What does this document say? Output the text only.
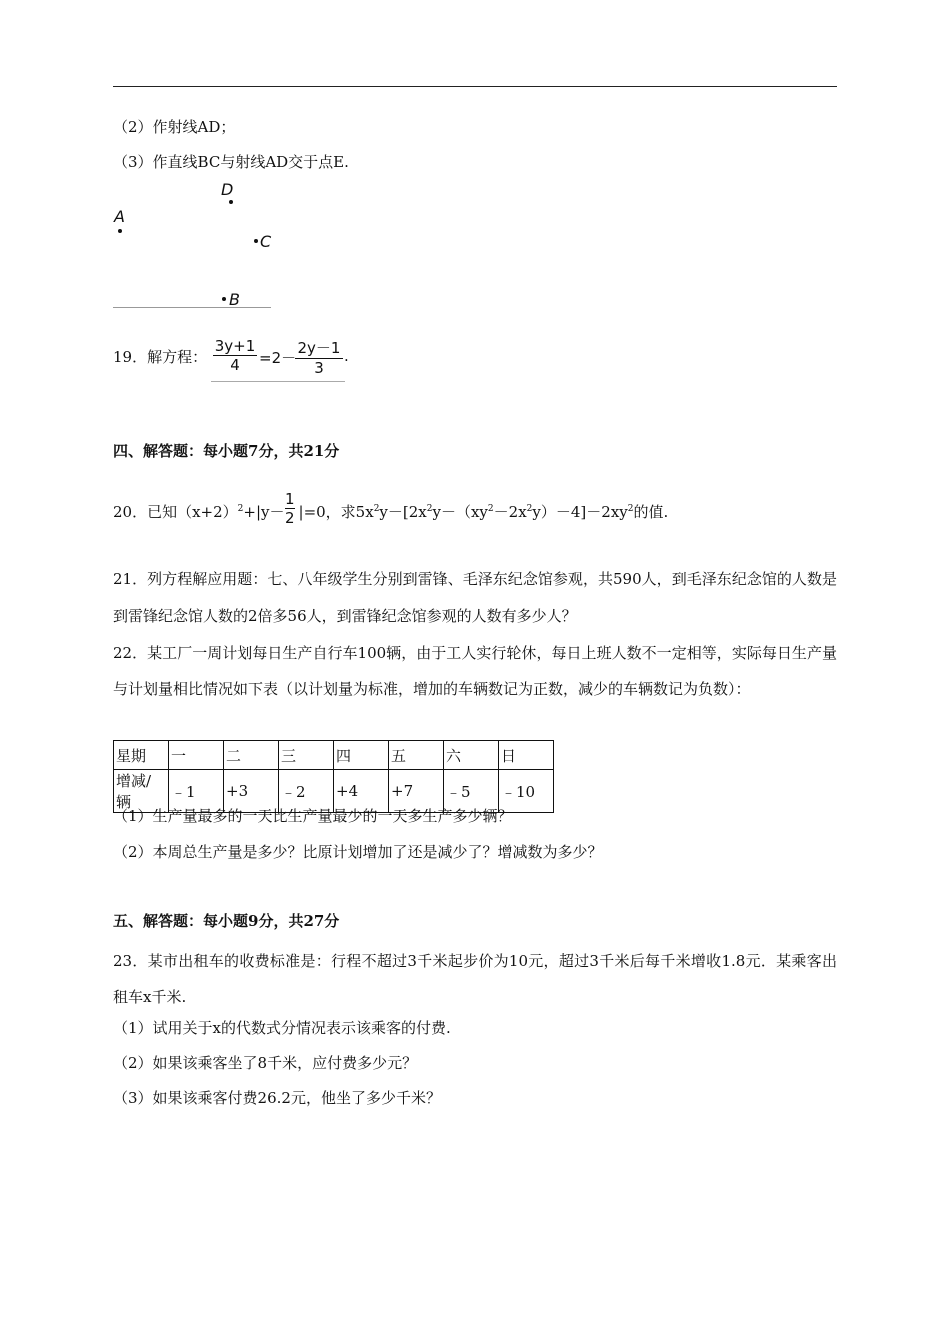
（2）作射线AD；
（3）作直线BC与射线AD交于点E.
A
D
C
B
19．解方程： $\frac{3y+1}{4} =2-$
$\frac{2y-1}{3}$ .
四、解答题：每小题7分，共21分
20．已知$(x+2)^2+|y- |=0$，求$5x^2y-[2x^2y-(xy^2-2x^2y)-4]-2xy^2$的值.
$\frac{1}{2}$
21．列方程解应用题：七、八年级学生分别到雷锋、毛泽东纪念馆参观，共590人，到毛泽东纪念馆的人数是到雷锋纪念馆人数的2倍多56人，到雷锋纪念馆参观的人数有多少人？
22．某工厂一周计划每日生产自行车100辆，由于工人实行轮休，每日上班人数不一定相等，实际每日生产量与计划量相比情况如下表（以计划量为标准，增加的车辆数记为正数，减少的车辆数记为负数）：
星期	一	二	三	四	五	六	日
增减/辆	﹣1	+3	﹣2	+4	+7	﹣5	﹣10
（1）生产量最多的一天比生产量最少的一天多生产多少辆？
（2）本周总生产量是多少？比原计划增加了还是减少了？增减数为多少？
五、解答题：每小题9分，共27分
23．某市出租车的收费标准是：行程不超过3千米起步价为10元，超过3千米后每千米增收1.8元．某乘客出租车x千米.
（1）试用关于x的代数式分情况表示该乘客的付费.
（2）如果该乘客坐了8千米，应付费多少元？
（3）如果该乘客付费26.2元，他坐了多少千米？
